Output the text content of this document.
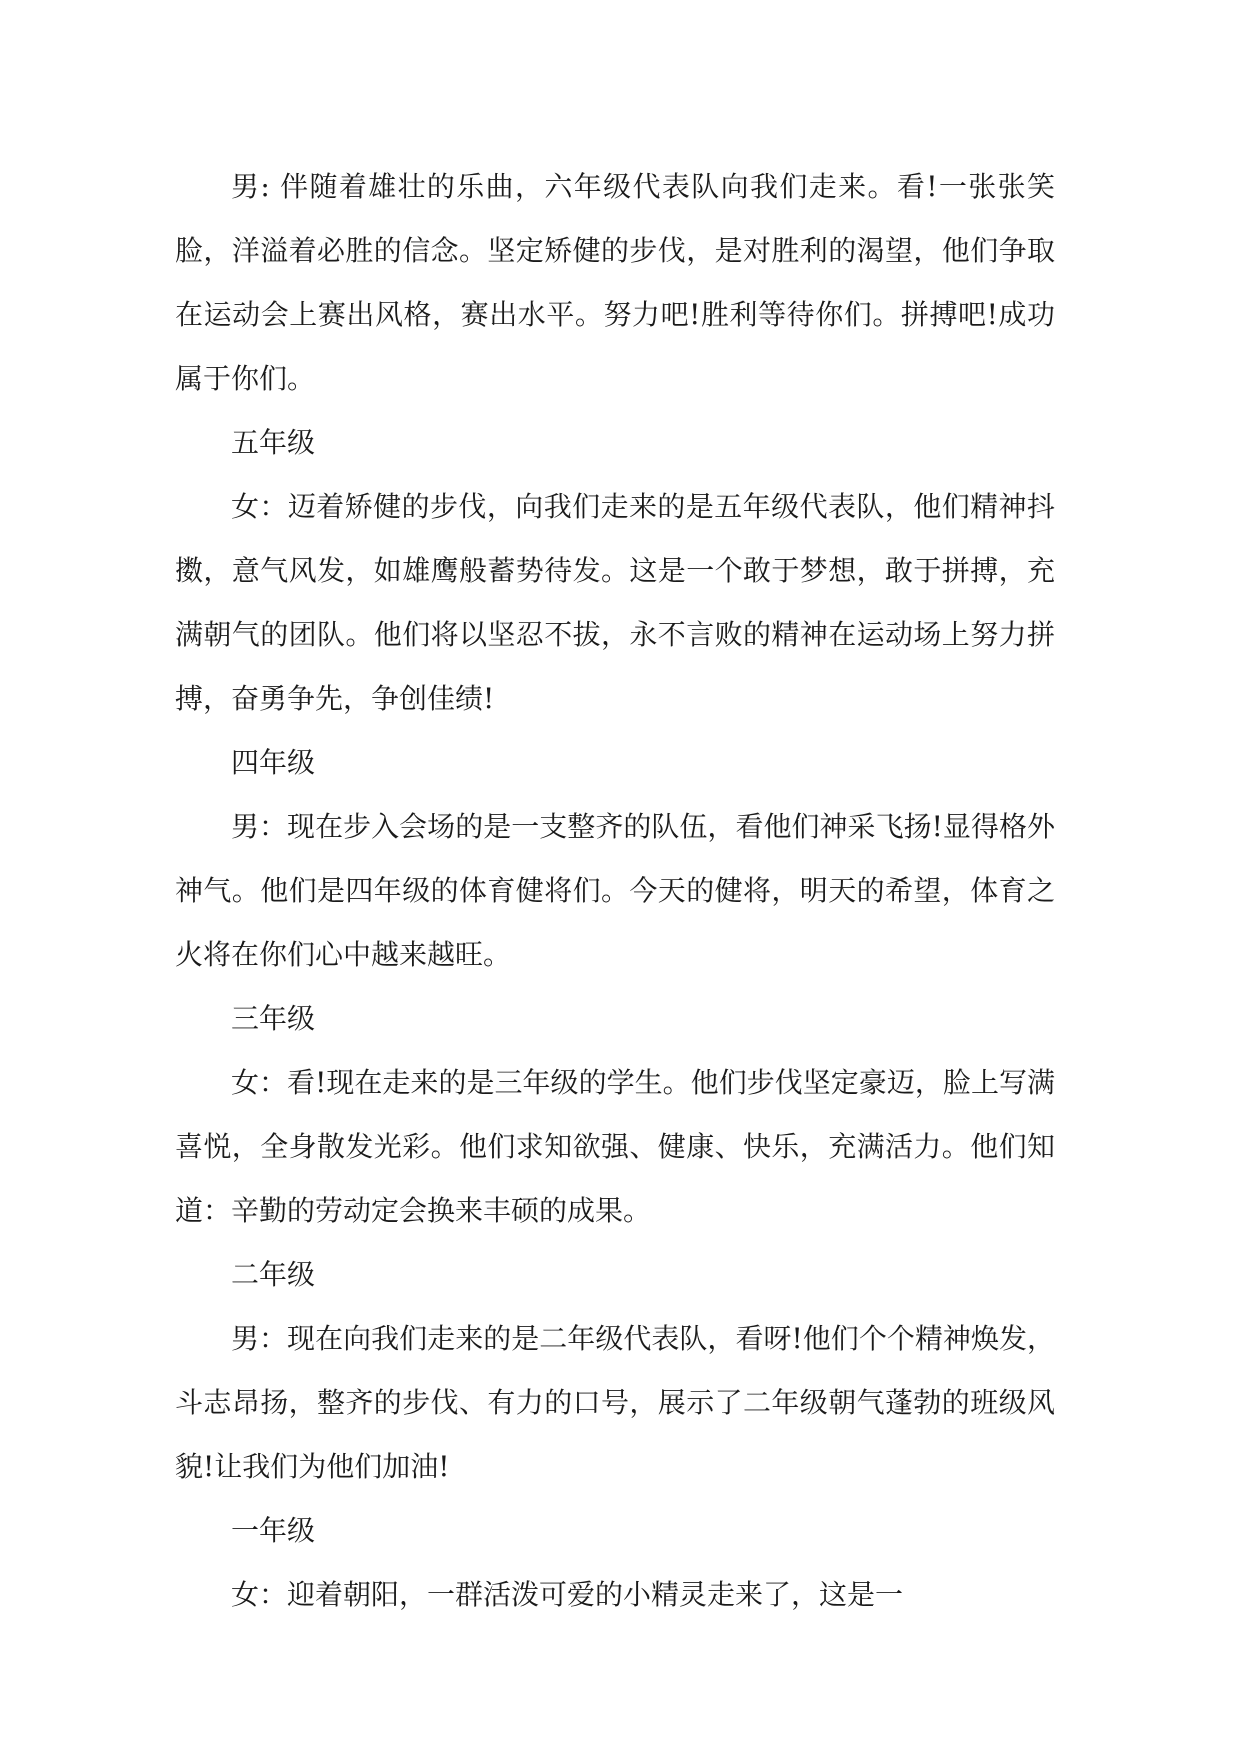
男: 伴随着雄壮的乐曲，六年级代表队向我们走来。看!一张张笑脸，洋溢着必胜的信念。坚定矫健的步伐，是对胜利的渴望，他们争取在运动会上赛出风格，赛出水平。努力吧!胜利等待你们。拼搏吧!成功属于你们。

五年级

女：迈着矫健的步伐，向我们走来的是五年级代表队，他们精神抖擞，意气风发，如雄鹰般蓄势待发。这是一个敢于梦想，敢于拼搏，充满朝气的团队。他们将以坚忍不拔，永不言败的精神在运动场上努力拼搏，奋勇争先，争创佳绩!

四年级

男：现在步入会场的是一支整齐的队伍，看他们神采飞扬!显得格外神气。他们是四年级的体育健将们。今天的健将，明天的希望，体育之火将在你们心中越来越旺。

三年级

女：看!现在走来的是三年级的学生。他们步伐坚定豪迈，脸上写满喜悦，全身散发光彩。他们求知欲强、健康、快乐，充满活力。他们知道：辛勤的劳动定会换来丰硕的成果。

二年级

男：现在向我们走来的是二年级代表队，看呀!他们个个精神焕发，斗志昂扬，整齐的步伐、有力的口号，展示了二年级朝气蓬勃的班级风貌!让我们为他们加油!

一年级

女：迎着朝阳，一群活泼可爱的小精灵走来了，这是一
